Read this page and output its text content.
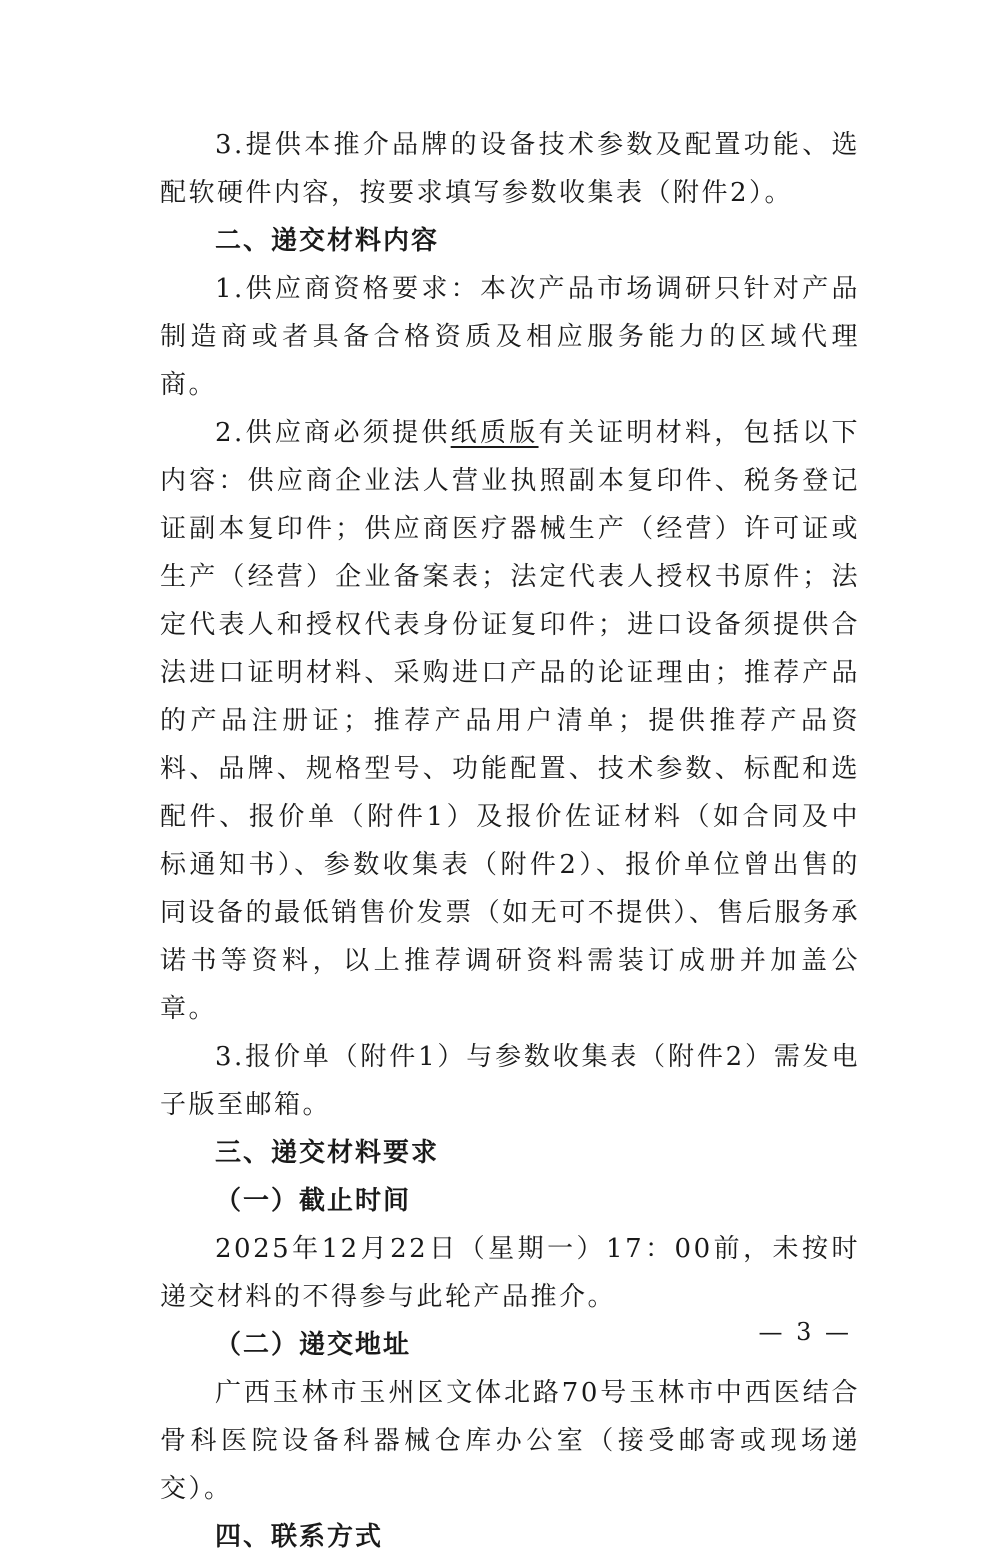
3.提供本推介品牌的设备技术参数及配置功能、选配软硬件内容，按要求填写参数收集表（附件2）。

二、递交材料内容

1.供应商资格要求：本次产品市场调研只针对产品制造商或者具备合格资质及相应服务能力的区域代理商。

2.供应商必须提供纸质版有关证明材料，包括以下内容：供应商企业法人营业执照副本复印件、税务登记证副本复印件；供应商医疗器械生产（经营）许可证或生产（经营）企业备案表；法定代表人授权书原件；法定代表人和授权代表身份证复印件；进口设备须提供合法进口证明材料、采购进口产品的论证理由；推荐产品的产品注册证；推荐产品用户清单；提供推荐产品资料、品牌、规格型号、功能配置、技术参数、标配和选配件、报价单（附件1）及报价佐证材料（如合同及中标通知书）、参数收集表（附件2）、报价单位曾出售的同设备的最低销售价发票（如无可不提供）、售后服务承诺书等资料，以上推荐调研资料需装订成册并加盖公章。

3.报价单（附件1）与参数收集表（附件2）需发电子版至邮箱。

三、递交材料要求

（一）截止时间

2025年12月22日（星期一）17：00前，未按时递交材料的不得参与此轮产品推介。

（二）递交地址

广西玉林市玉州区文体北路70号玉林市中西医结合骨科医院设备科器械仓库办公室（接受邮寄或现场递交）。

四、联系方式

— 3 —
